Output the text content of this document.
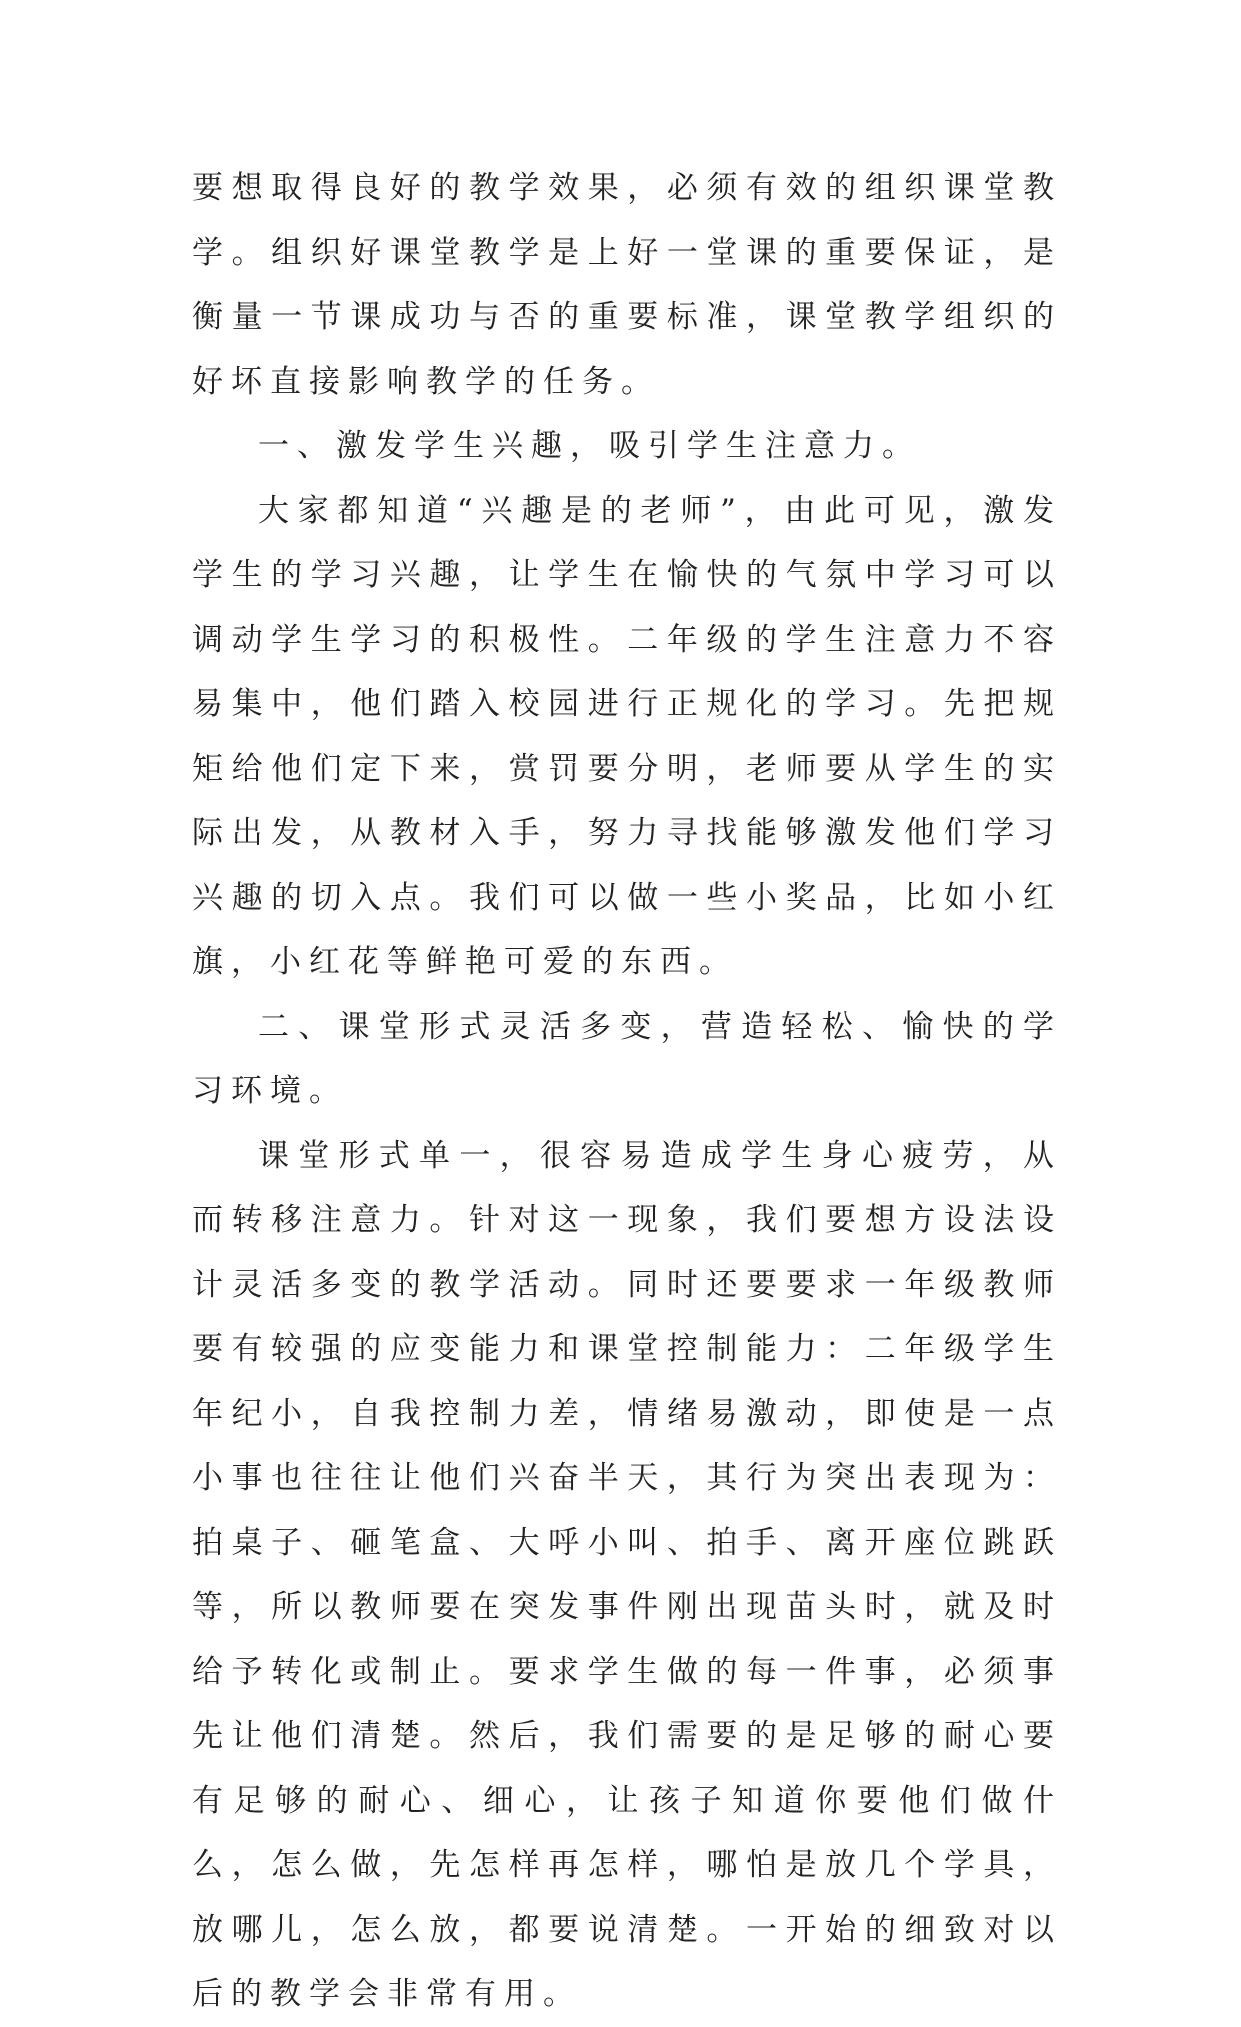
要想取得良好的教学效果，必须有效的组织课堂教学。组织好课堂教学是上好一堂课的重要保证，是衡量一节课成功与否的重要标准，课堂教学组织的好坏直接影响教学的任务。

一、激发学生兴趣，吸引学生注意力。

大家都知道“兴趣是的老师”，由此可见，激发学生的学习兴趣，让学生在愉快的气氛中学习可以调动学生学习的积极性。二年级的学生注意力不容易集中，他们踏入校园进行正规化的学习。先把规矩给他们定下来，赏罚要分明，老师要从学生的实际出发，从教材入手，努力寻找能够激发他们学习兴趣的切入点。我们可以做一些小奖品，比如小红旗，小红花等鲜艳可爱的东西。

二、课堂形式灵活多变，营造轻松、愉快的学习环境。

课堂形式单一，很容易造成学生身心疲劳，从而转移注意力。针对这一现象，我们要想方设法设计灵活多变的教学活动。同时还要要求一年级教师要有较强的应变能力和课堂控制能力：二年级学生年纪小，自我控制力差，情绪易激动，即使是一点小事也往往让他们兴奋半天，其行为突出表现为：拍桌子、砸笔盒、大呼小叫、拍手、离开座位跳跃等，所以教师要在突发事件刚出现苗头时，就及时给予转化或制止。要求学生做的每一件事，必须事先让他们清楚。然后，我们需要的是足够的耐心要有足够的耐心、细心，让孩子知道你要他们做什么，怎么做，先怎样再怎样，哪怕是放几个学具，放哪儿，怎么放，都要说清楚。一开始的细致对以后的教学会非常有用。
